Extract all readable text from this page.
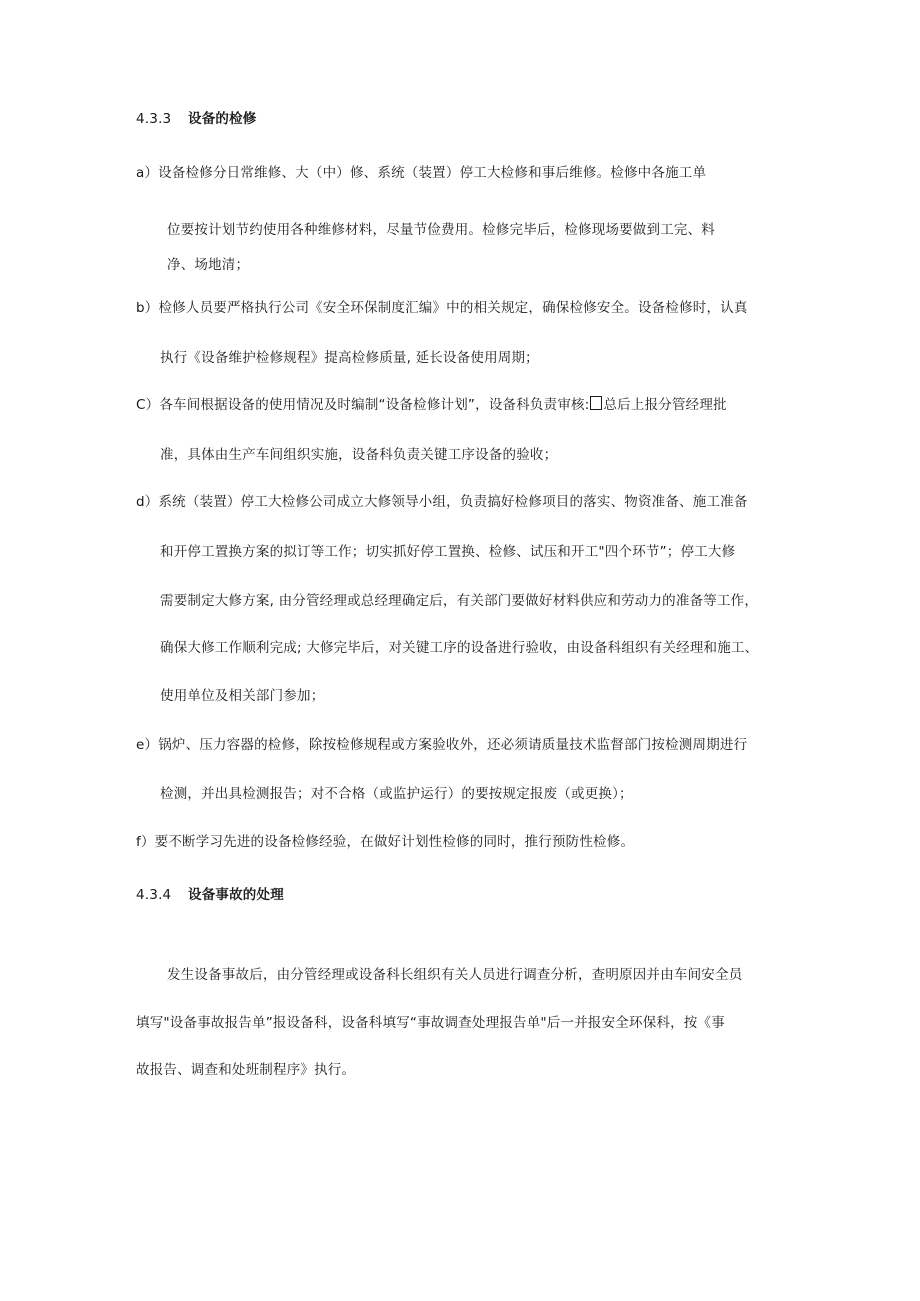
4.3.3 设备的检修
a）设备检修分日常维修、大（中）修、系统（装置）停工大检修和事后维修。检修中各施工单
位要按计划节约使用各种维修材料，尽量节俭费用。检修完毕后，检修现场要做到工完、料
净、场地清；
b）检修人员要严格执行公司《安全环保制度汇编》中的相关规定，确保检修安全。设备检修时，认真
执行《设备维护检修规程》提高检修质量, 延长设备使用周期；
C）各车间根据设备的使用情况及时编制“设备检修计划”，设备科负责审核: 总后上报分管经理批
准，具体由生产车间组织实施，设备科负责关键工序设备的验收；
d）系统（装置）停工大检修公司成立大修领导小组，负责搞好检修项目的落实、物资准备、施工准备
和开停工置换方案的拟订等工作；切实抓好停工置换、检修、试压和开工"四个环节”；停工大修
需要制定大修方案, 由分管经理或总经理确定后，有关部门要做好材料供应和劳动力的准备等工作，
确保大修工作顺利完成; 大修完毕后，对关键工序的设备进行验收，由设备科组织有关经理和施工、
使用单位及相关部门参加；
e）锅炉、压力容器的检修，除按检修规程或方案验收外，还必须请质量技术监督部门按检测周期进行
检测，并出具检测报告；对不合格（或监护运行）的要按规定报废（或更换）；
f）要不断学习先进的设备检修经验，在做好计划性检修的同时，推行预防性检修。
4.3.4 设备事故的处理
发生设备事故后，由分管经理或设备科长组织有关人员进行调查分析，查明原因并由车间安全员
填写"设备事故报告单”报设备科，设备科填写“事故调查处理报告单"后一并报安全环保科，按《事
故报告、调查和处班制程序》执行。
